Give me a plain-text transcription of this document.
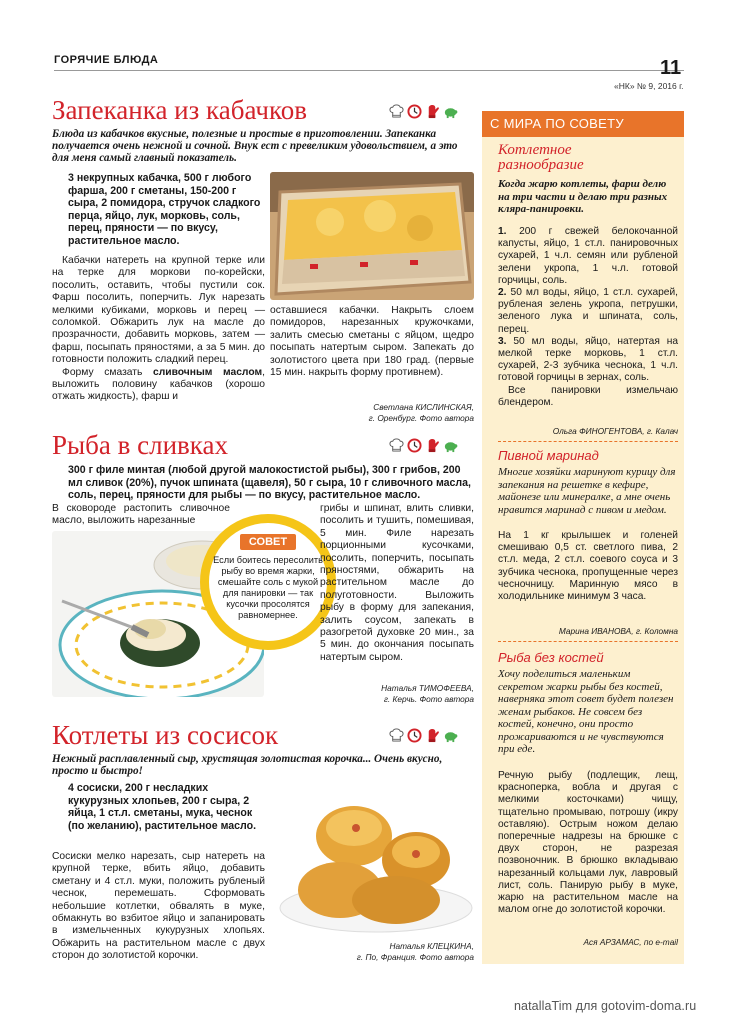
ГОРЯЧИЕ БЛЮДА	11
«НК» № 9, 2016 г.
Запеканка из кабачков
Блюда из кабачков вкусные, полезные и простые в приготовлении. Запеканка получается очень нежной и сочной. Внук ест с превеликим удовольствием, а это для меня самый главный показатель.
3 некрупных кабачка, 500 г любого фарша, 200 г сметаны, 150-200 г сыра, 2 помидора, стручок сладкого перца, яйцо, лук, морковь, соль, перец, пряности — по вкусу, растительное масло.

Кабачки натереть на крупной терке или на терке для моркови по-корейски, посолить, оставить, чтобы пустили сок. Фарш посолить, поперчить. Лук нарезать мелкими кубиками, морковь и перец — соломкой. Обжарить лук на масле до прозрачности, добавить морковь, затем — фарш, посыпать пряностями, а за 5 мин. до готовности положить сладкий перец.

Форму смазать сливочным маслом, выложить половину кабачков (хорошо отжать жидкость), фарш и

оставшиеся кабачки. Накрыть слоем помидоров, нарезанных кружочками, залить смесью сметаны с яйцом, щедро посыпать натертым сыром. Запекать до золотистого цвета при 180 град. (первые 15 мин. накрыть форму противнем).
Светлана КИСЛИНСКАЯ,
г. Оренбург. Фото автора
Рыба в сливках
300 г филе минтая (любой другой малокостистой рыбы), 300 г грибов, 200 мл сливок (20%), пучок шпината (щавеля), 50 г сыра, 10 г сливочного масла, соль, перец, пряности для рыбы — по вкусу, растительное масло.
В сковороде растопить сливочное масло, выложить нарезанные
СОВЕТ
Если боитесь пересолить рыбу во время жарки, смешайте соль с мукой для панировки — так кусочки просолятся равномернее.
грибы и шпинат, влить сливки, посолить и тушить, помешивая, 5 мин. Филе нарезать порционными кусочками, посолить, поперчить, посыпать пряностями, обжарить на растительном масле до полуготовности. Выложить рыбу в форму для запекания, залить соусом, запекать в разогретой духовке 20 мин., за 5 мин. до окончания посыпать натертым сыром.
Наталья ТИМОФЕЕВА,
г. Керчь. Фото автора
Котлеты из сосисок
Нежный расплавленный сыр, хрустящая золотистая корочка... Очень вкусно, просто и быстро!
4 сосиски, 200 г несладких кукурузных хлопьев, 200 г сыра, 2 яйца, 1 ст.л. сметаны, мука, чеснок (по желанию), растительное масло.
Сосиски мелко нарезать, сыр натереть на крупной терке, вбить яйцо, добавить сметану и 4 ст.л. муки, положить рубленый чеснок, перемешать. Сформовать небольшие котлетки, обвалять в муке, обмакнуть во взбитое яйцо и запанировать в измельченных кукурузных хлопьях. Обжарить на растительном масле с двух сторон до золотистой корочки.
Наталья КЛЕЦКИНА,
г. По, Франция. Фото автора
С МИРА ПО СОВЕТУ
Котлетное разнообразие
Когда жарю котлеты, фарш делю на три части и делаю три разных кляра-панировки.
1. 200 г свежей белокочанной капусты, яйцо, 1 ст.л. панировочных сухарей, 1 ч.л. семян или рубленой зелени укропа, 1 ч.л. готовой горчицы, соль.
2. 50 мл воды, яйцо, 1 ст.л. сухарей, рубленая зелень укропа, петрушки, зеленого лука и шпината, соль, перец.
3. 50 мл воды, яйцо, натертая на мелкой терке морковь, 1 ст.л. сухарей, 2-3 зубчика чеснока, 1 ч.л. готовой горчицы в зернах, соль.
Все панировки измельчаю блендером.
Ольга ФИНОГЕНТОВА, г. Калач
Пивной маринад
Многие хозяйки маринуют курицу для запекания на решетке в кефире, майонезе или минералке, а мне очень нравится маринад с пивом и медом.
На 1 кг крылышек и голеней смешиваю 0,5 ст. светлого пива, 2 ст.л. меда, 2 ст.л. соевого соуса и 3 зубчика чеснока, пропущенные через чесночницу. Маринную мясо в холодильнике минимум 3 часа.
Марина ИВАНОВА, г. Коломна
Рыба без костей
Хочу поделиться маленьким секретом жарки рыбы без костей, наверняка этот совет будет полезен женам рыбаков. Не совсем без костей, конечно, они просто прожариваются и не чувствуются при еде.
Речную рыбу (подлещик, лещ, красноперка, вобла и другая с мелкими косточками) чищу, тщательно промываю, потрошу (икру оставляю). Острым ножом делаю поперечные надрезы на брюшке с двух сторон, не разрезая позвоночник. В брюшко вкладываю нарезанный кольцами лук, лавровый лист, соль. Панирую рыбу в муке, жарю на растительном масле на малом огне до золотистой корочки.
Ася АРЗАМАС, по e-mail
natallaTim для gotovim-doma.ru
